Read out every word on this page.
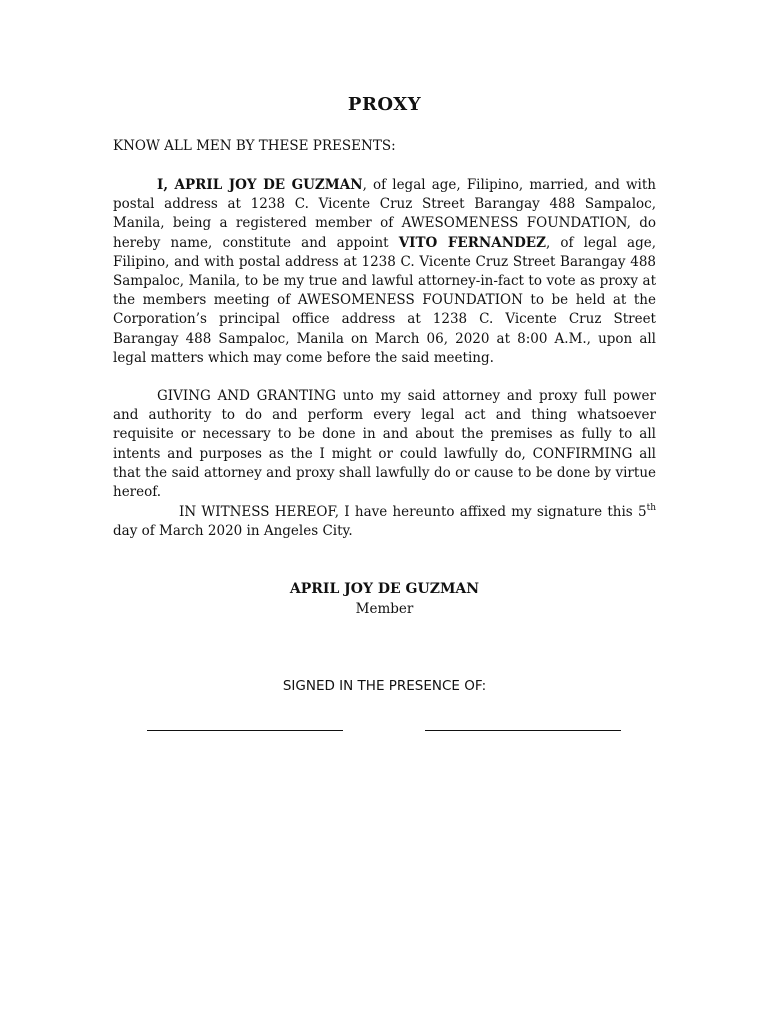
PROXY
KNOW ALL MEN BY THESE PRESENTS:
I, APRIL JOY DE GUZMAN, of legal age, Filipino, married, and with postal address at 1238 C. Vicente Cruz Street Barangay 488 Sampaloc, Manila, being a registered member of AWESOMENESS FOUNDATION, do hereby name, constitute and appoint VITO FERNANDEZ, of legal age, Filipino, and with postal address at 1238 C. Vicente Cruz Street Barangay 488 Sampaloc, Manila, to be my true and lawful attorney-in-fact to vote as proxy at the members meeting of AWESOMENESS FOUNDATION to be held at the Corporation’s principal office address at 1238 C. Vicente Cruz Street Barangay 488 Sampaloc, Manila on March 06, 2020 at 8:00 A.M., upon all legal matters which may come before the said meeting.
GIVING AND GRANTING unto my said attorney and proxy full power and authority to do and perform every legal act and thing whatsoever requisite or necessary to be done in and about the premises as fully to all intents and purposes as the I might or could lawfully do, CONFIRMING all that the said attorney and proxy shall lawfully do or cause to be done by virtue hereof.
IN WITNESS HEREOF, I have hereunto affixed my signature this 5th day of March 2020 in Angeles City.
APRIL JOY DE GUZMAN
Member
SIGNED IN THE PRESENCE OF:
